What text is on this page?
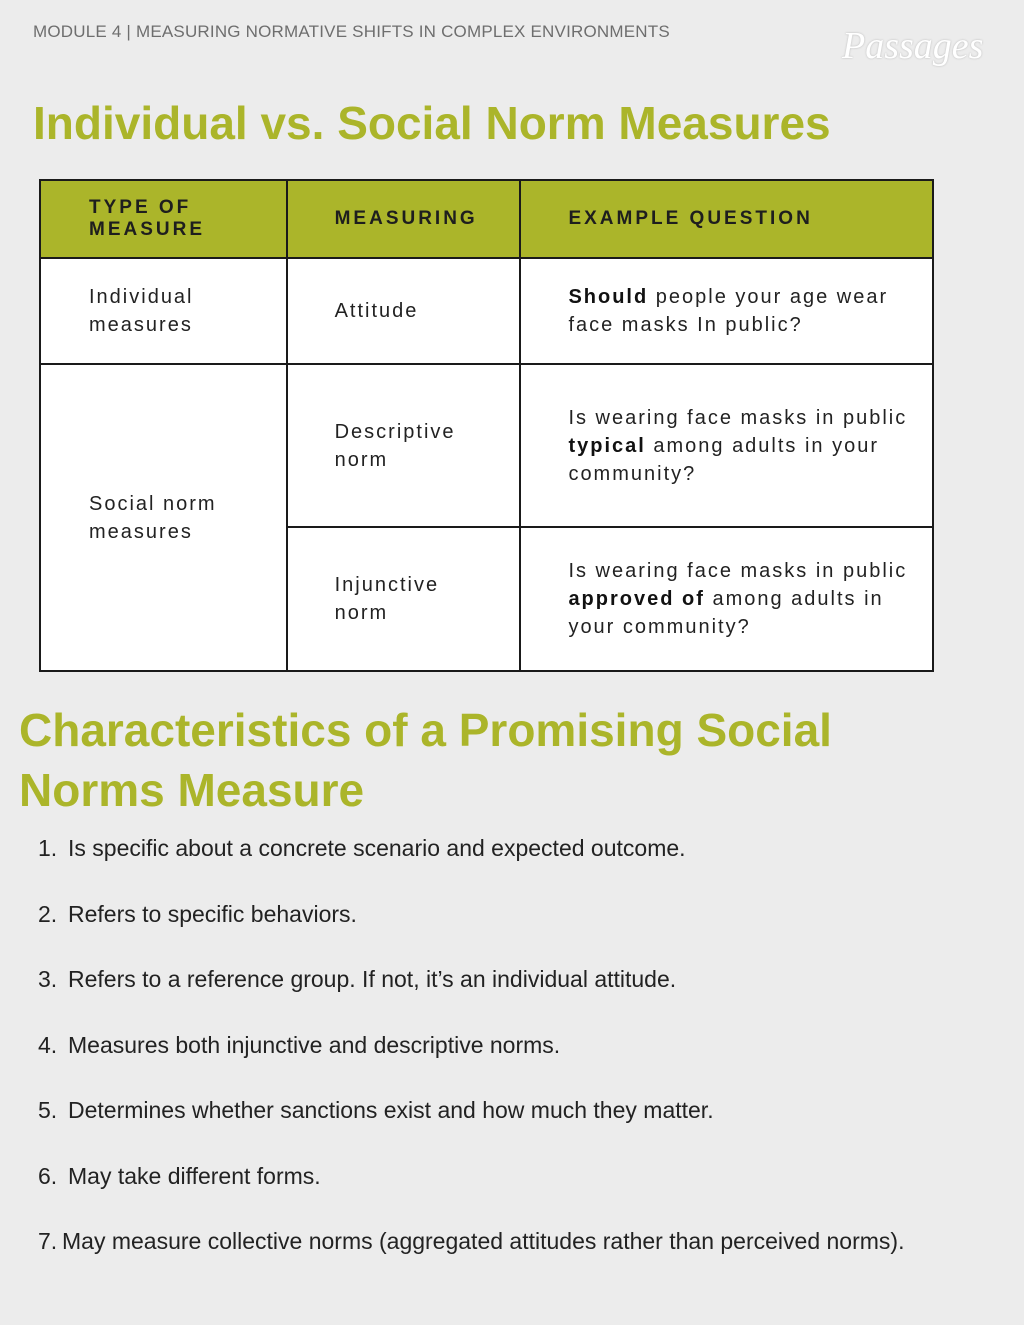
MODULE 4 | MEASURING NORMATIVE SHIFTS IN COMPLEX ENVIRONMENTS	Passages
Individual vs. Social Norm Measures
TYPE OF MEASURE	MEASURING	EXAMPLE QUESTION
Individual measures	Attitude	Should people your age wear face masks In public?
Social norm measures	Descriptive norm	Is wearing face masks in public typical among adults in your community?
	Injunctive norm	Is wearing face masks in public approved of among adults in your community?
Characteristics of a Promising Social Norms Measure
1. Is specific about a concrete scenario and expected outcome.
2. Refers to specific behaviors.
3. Refers to a reference group. If not, it’s an individual attitude.
4. Measures both injunctive and descriptive norms.
5. Determines whether sanctions exist and how much they matter.
6. May take different forms.
7. May measure collective norms (aggregated attitudes rather than perceived norms).
